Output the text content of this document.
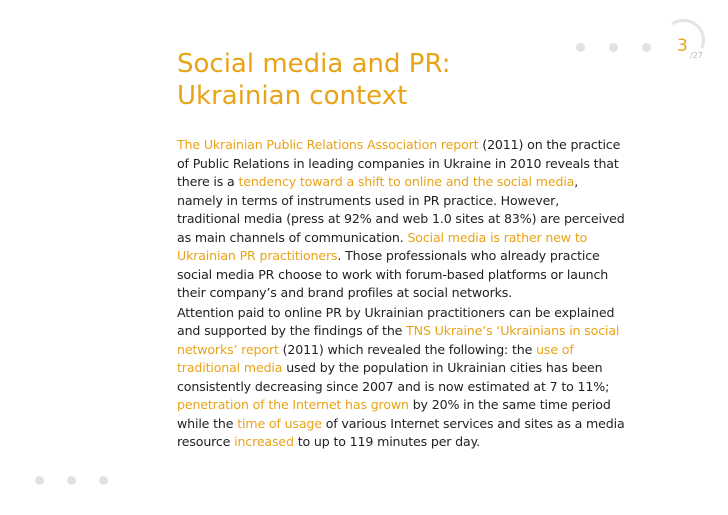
3 /27
Social media and PR:
Ukrainian context

The Ukrainian Public Relations Association report (2011) on the practice of Public Relations in leading companies in Ukraine in 2010 reveals that there is a tendency toward a shift to online and the social media, namely in terms of instruments used in PR practice. However, traditional media (press at 92% and web 1.0 sites at 83%) are perceived as main channels of communication. Social media is rather new to Ukrainian PR practitioners. Those professionals who already practice social media PR choose to work with forum-based platforms or launch their company’s and brand profiles at social networks.

Attention paid to online PR by Ukrainian practitioners can be explained and supported by the findings of the TNS Ukraine’s ‘Ukrainians in social networks’ report (2011) which revealed the following: the use of traditional media used by the population in Ukrainian cities has been consistently decreasing since 2007 and is now estimated at 7 to 11%; penetration of the Internet has grown by 20% in the same time period while the time of usage of various Internet services and sites as a media resource increased to up to 119 minutes per day.
